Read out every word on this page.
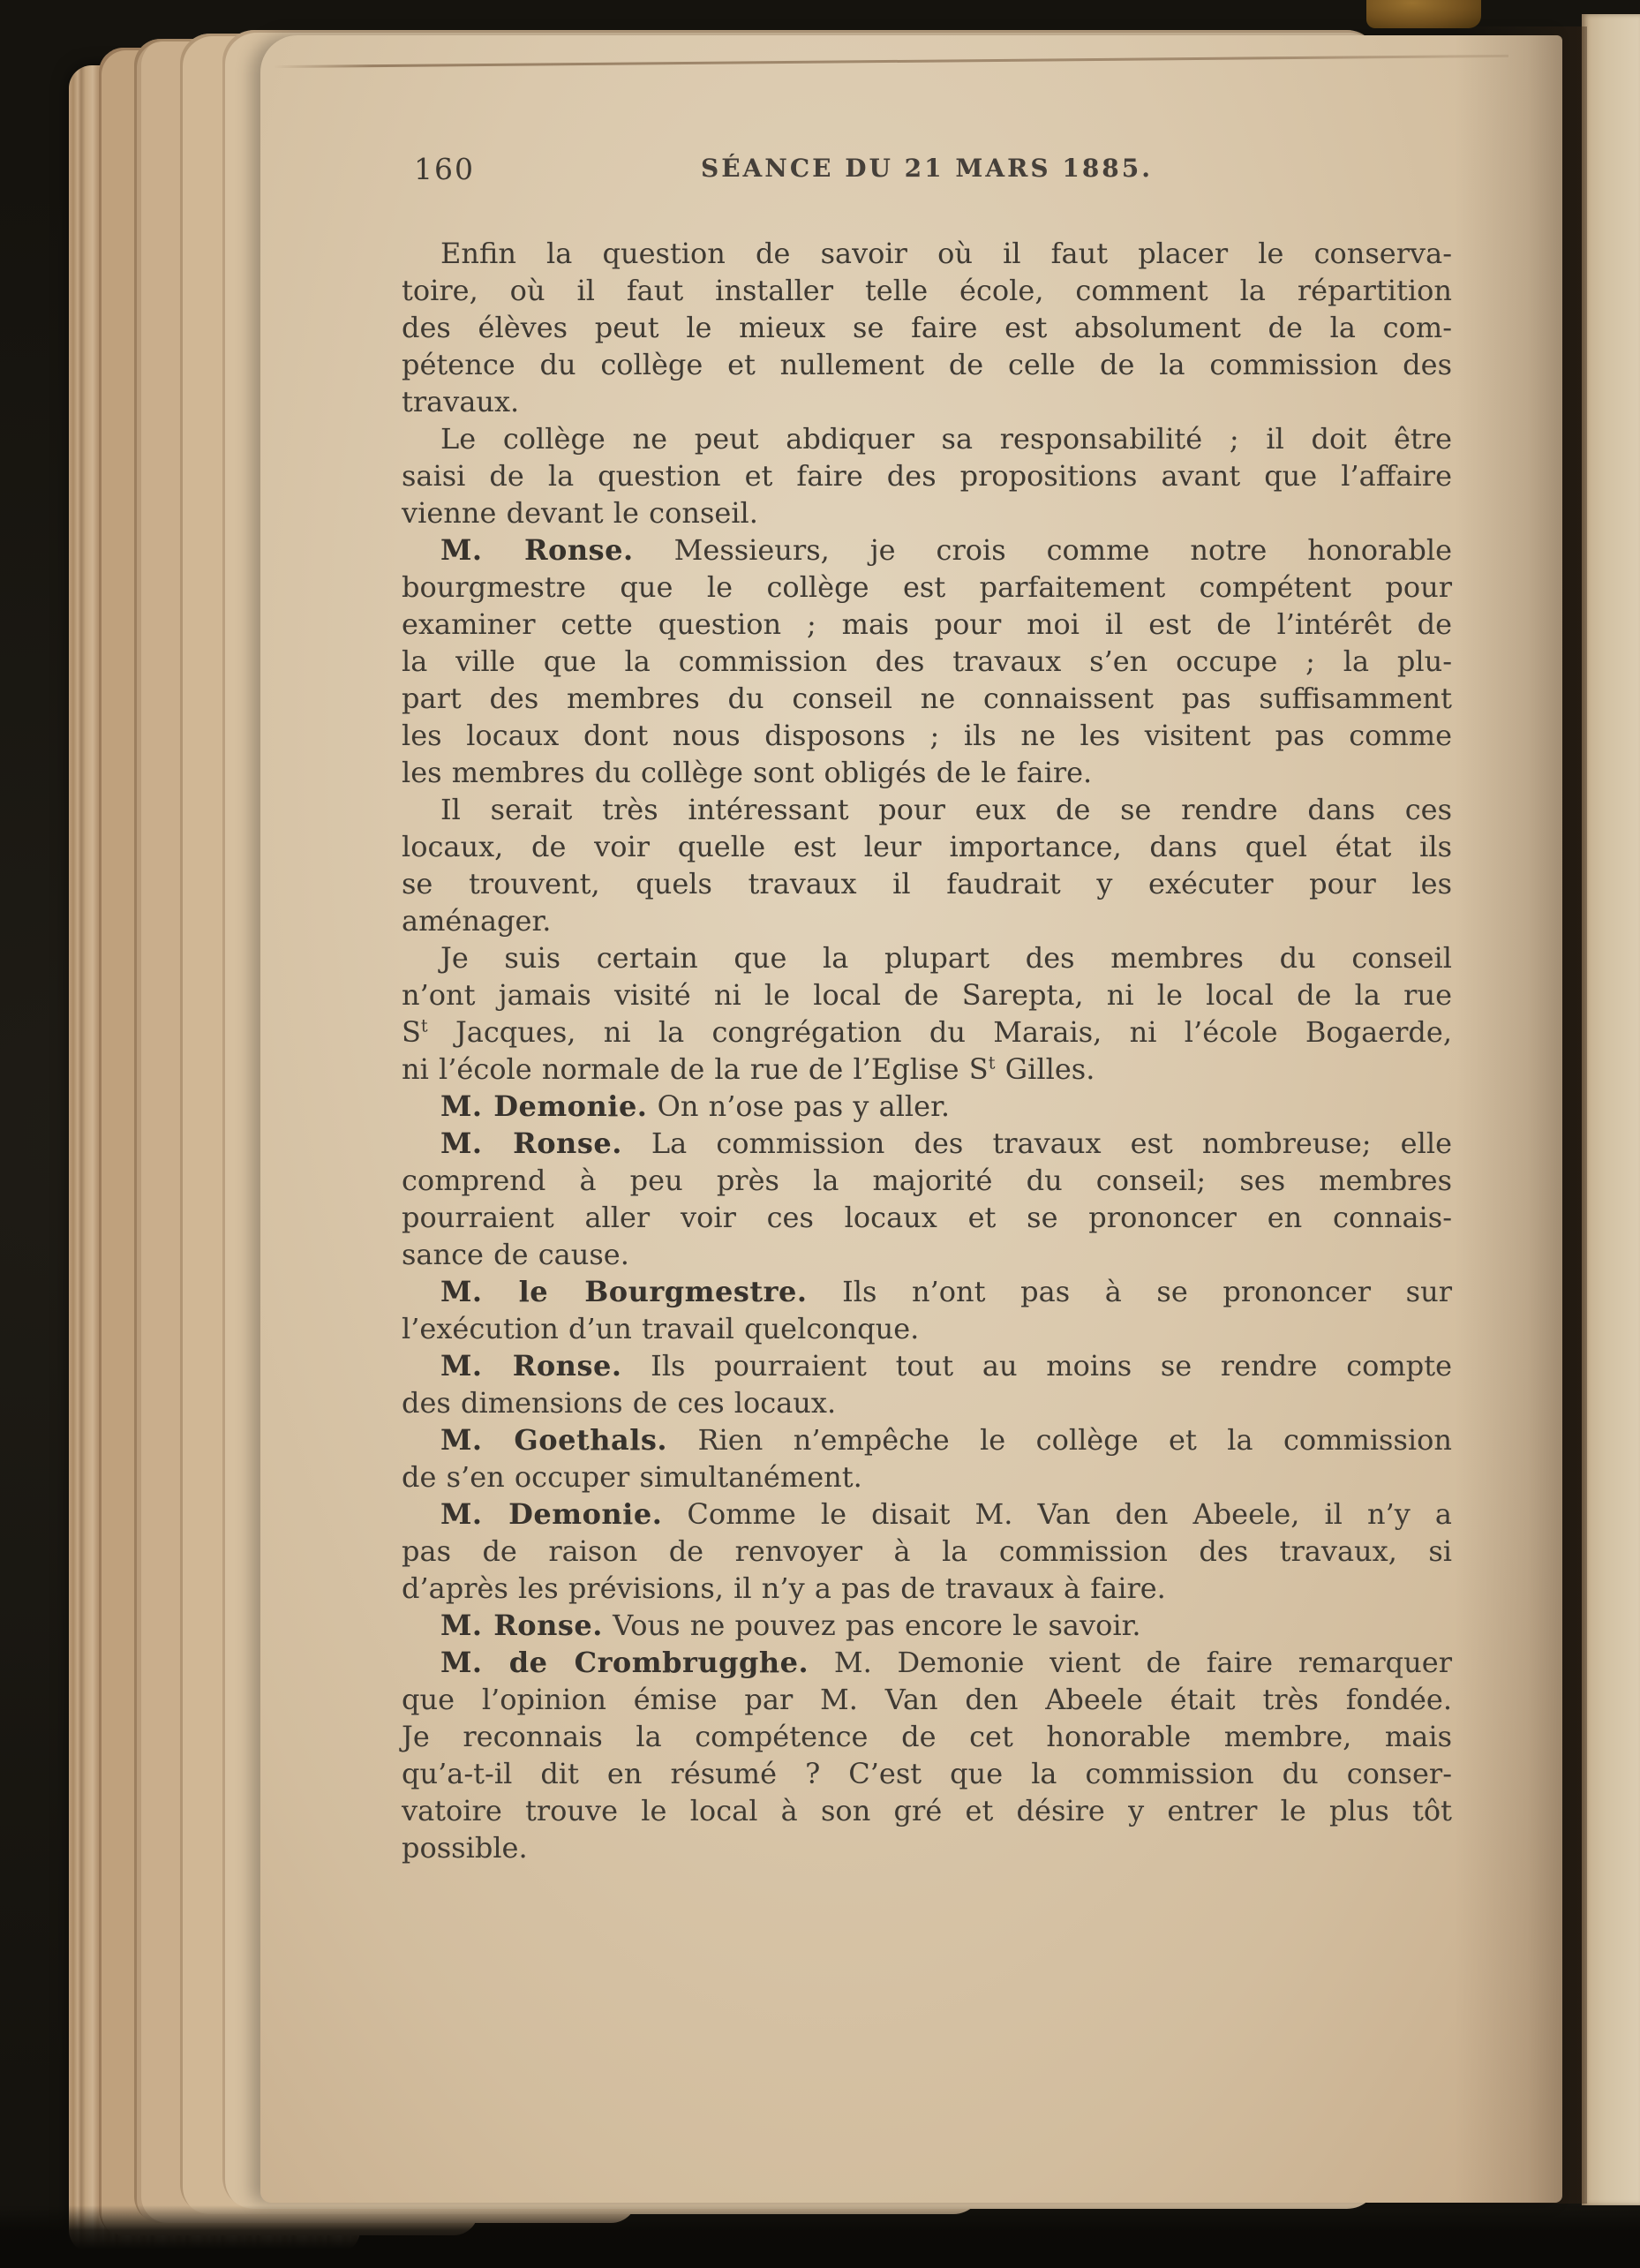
160	SÉANCE DU 21 MARS 1885.
Enfin la question de savoir où il faut placer le conserva-
toire, où il faut installer telle école, comment la répartition
des élèves peut le mieux se faire est absolument de la com-
pétence du collège et nullement de celle de la commission des
travaux.
Le collège ne peut abdiquer sa responsabilité ; il doit être
saisi de la question et faire des propositions avant que l’affaire
vienne devant le conseil.
M. Ronse. Messieurs, je crois comme notre honorable
bourgmestre que le collège est parfaitement compétent pour
examiner cette question ; mais pour moi il est de l’intérêt de
la ville que la commission des travaux s’en occupe ; la plu-
part des membres du conseil ne connaissent pas suffisamment
les locaux dont nous disposons ; ils ne les visitent pas comme
les membres du collège sont obligés de le faire.
Il serait très intéressant pour eux de se rendre dans ces
locaux, de voir quelle est leur importance, dans quel état ils
se trouvent, quels travaux il faudrait y exécuter pour les
aménager.
Je suis certain que la plupart des membres du conseil
n’ont jamais visité ni le local de Sarepta, ni le local de la rue
$S^t$ Jacques, ni la congrégation du Marais, ni l’école Bogaerde,
ni l’école normale de la rue de l’Eglise $S^t$ Gilles.
M. Demonie. On n’ose pas y aller.
M. Ronse. La commission des travaux est nombreuse; elle
comprend à peu près la majorité du conseil; ses membres
pourraient aller voir ces locaux et se prononcer en connais-
sance de cause.
M. le Bourgmestre. Ils n’ont pas à se prononcer sur
l’exécution d’un travail quelconque.
M. Ronse. Ils pourraient tout au moins se rendre compte
des dimensions de ces locaux.
M. Goethals. Rien n’empêche le collège et la commission
de s’en occuper simultanément.
M. Demonie. Comme le disait M. Van den Abeele, il n’y a
pas de raison de renvoyer à la commission des travaux, si
d’après les prévisions, il n’y a pas de travaux à faire.
M. Ronse. Vous ne pouvez pas encore le savoir.
M. de Crombrugghe. M. Demonie vient de faire remarquer
que l’opinion émise par M. Van den Abeele était très fondée.
Je reconnais la compétence de cet honorable membre, mais
qu’a-t-il dit en résumé ? C’est que la commission du conser-
vatoire trouve le local à son gré et désire y entrer le plus tôt
possible.
